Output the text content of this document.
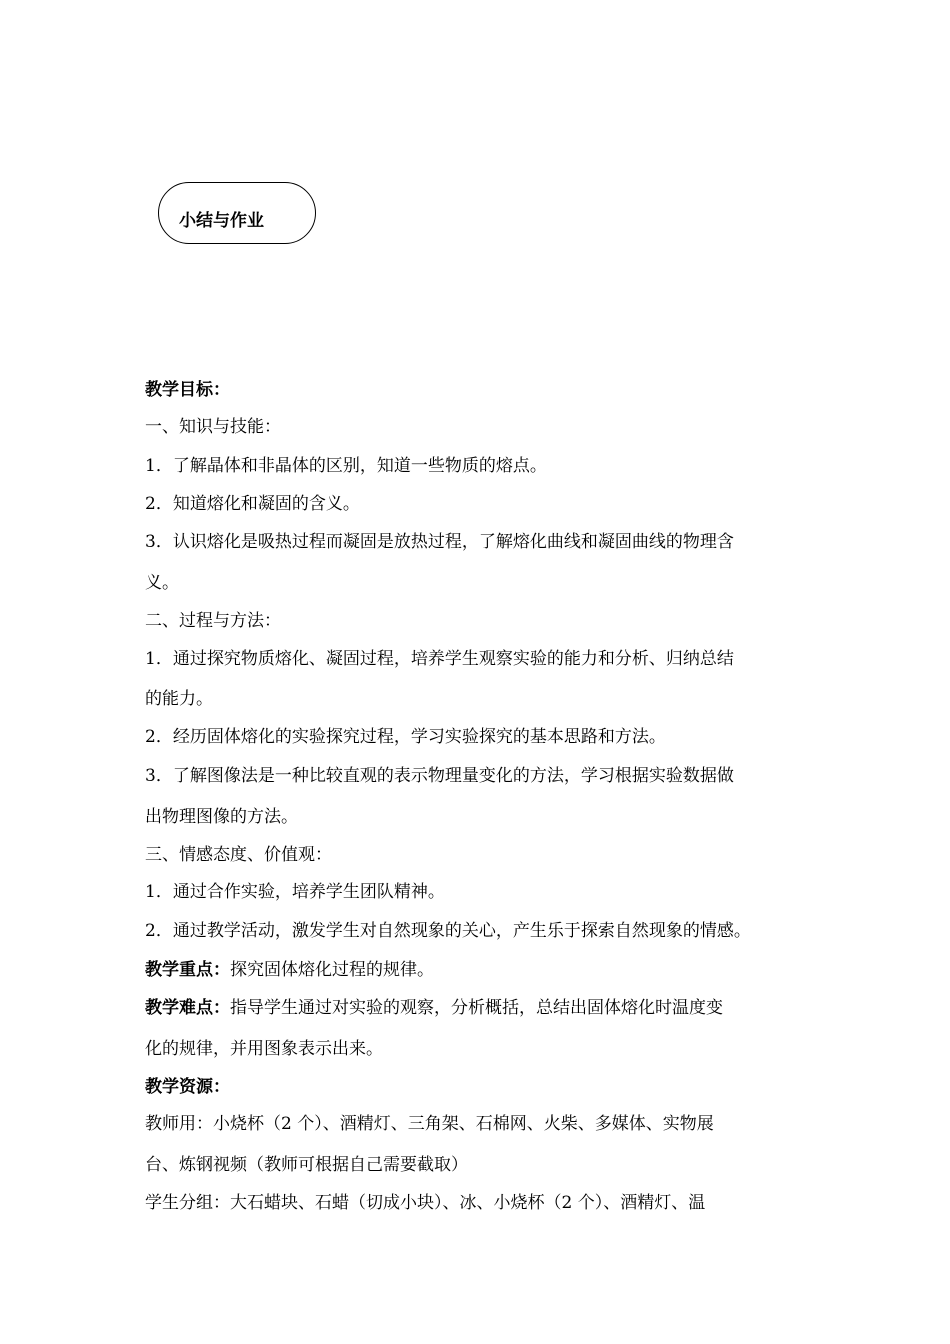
小结与作业
教学目标：
一、知识与技能：
1．了解晶体和非晶体的区别，知道一些物质的熔点。
2．知道熔化和凝固的含义。
3．认识熔化是吸热过程而凝固是放热过程，了解熔化曲线和凝固曲线的物理含
义。
二、过程与方法：
1．通过探究物质熔化、凝固过程，培养学生观察实验的能力和分析、归纳总结
的能力。
2．经历固体熔化的实验探究过程，学习实验探究的基本思路和方法。
3．了解图像法是一种比较直观的表示物理量变化的方法，学习根据实验数据做
出物理图像的方法。
三、情感态度、价值观：
1．通过合作实验，培养学生团队精神。
2．通过教学活动，激发学生对自然现象的关心，产生乐于探索自然现象的情感。
教学重点：探究固体熔化过程的规律。
教学难点：指导学生通过对实验的观察，分析概括，总结出固体熔化时温度变
化的规律，并用图象表示出来。
教学资源：
教师用：小烧杯（2 个）、酒精灯、三角架、石棉网、火柴、多媒体、实物展
台、炼钢视频（教师可根据自己需要截取）
学生分组：大石蜡块、石蜡（切成小块）、冰、小烧杯（2 个）、酒精灯、温
